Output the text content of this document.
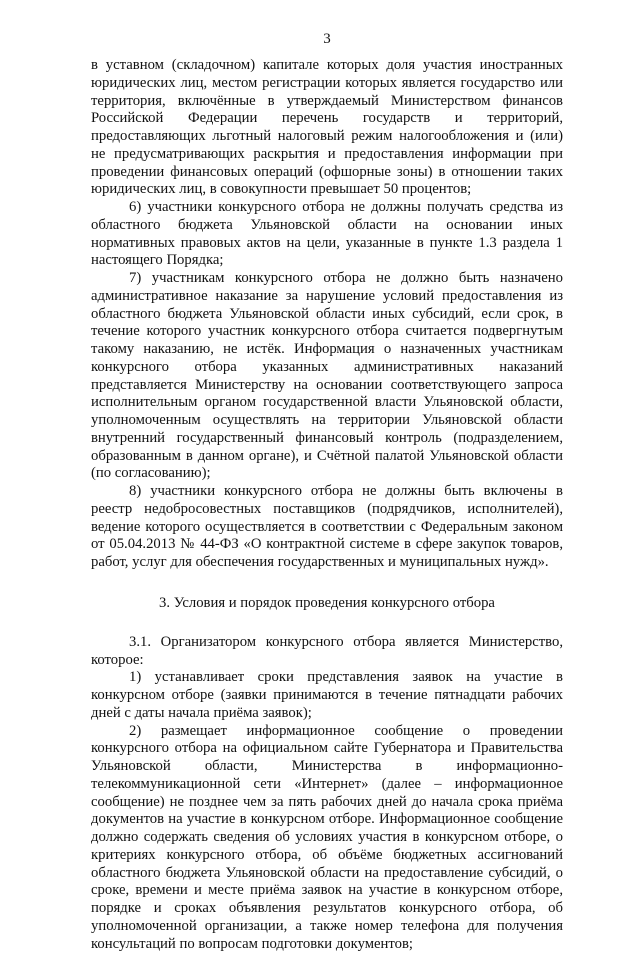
3

в уставном (складочном) капитале которых доля участия иностранных юридических лиц, местом регистрации которых является государство или территория, включённые в утверждаемый Министерством финансов Российской Федерации перечень государств и территорий, предоставляющих льготный налоговый режим налогообложения и (или) не предусматривающих раскрытия и предоставления информации при проведении финансовых операций (офшорные зоны) в отношении таких юридических лиц, в совокупности превышает 50 процентов;

6) участники конкурсного отбора не должны получать средства из областного бюджета Ульяновской области на основании иных нормативных правовых актов на цели, указанные в пункте 1.3 раздела 1 настоящего Порядка;

7) участникам конкурсного отбора не должно быть назначено административное наказание за нарушение условий предоставления из областного бюджета Ульяновской области иных субсидий, если срок, в течение которого участник конкурсного отбора считается подвергнутым такому наказанию, не истёк. Информация о назначенных участникам конкурсного отбора указанных административных наказаний представляется Министерству на основании соответствующего запроса исполнительным органом государственной власти Ульяновской области, уполномоченным осуществлять на территории Ульяновской области внутренний государственный финансовый контроль (подразделением, образованным в данном органе), и Счётной палатой Ульяновской области (по согласованию);

8) участники конкурсного отбора не должны быть включены в реестр недобросовестных поставщиков (подрядчиков, исполнителей), ведение которого осуществляется в соответствии с Федеральным законом от 05.04.2013 № 44-ФЗ «О контрактной системе в сфере закупок товаров, работ, услуг для обеспечения государственных и муниципальных нужд».

3. Условия и порядок проведения конкурсного отбора

3.1. Организатором конкурсного отбора является Министерство, которое:

1) устанавливает сроки представления заявок на участие в конкурсном отборе (заявки принимаются в течение пятнадцати рабочих дней с даты начала приёма заявок);

2) размещает информационное сообщение о проведении конкурсного отбора на официальном сайте Губернатора и Правительства Ульяновской области, Министерства в информационно-телекоммуникационной сети «Интернет» (далее – информационное сообщение) не позднее чем за пять рабочих дней до начала срока приёма документов на участие в конкурсном отборе. Информационное сообщение должно содержать сведения об условиях участия в конкурсном отборе, о критериях конкурсного отбора, об объёме бюджетных ассигнований областного бюджета Ульяновской области на предоставление субсидий, о сроке, времени и месте приёма заявок на участие в конкурсном отборе, порядке и сроках объявления результатов конкурсного отбора, об уполномоченной организации, а также номер телефона для получения консультаций по вопросам подготовки документов;
